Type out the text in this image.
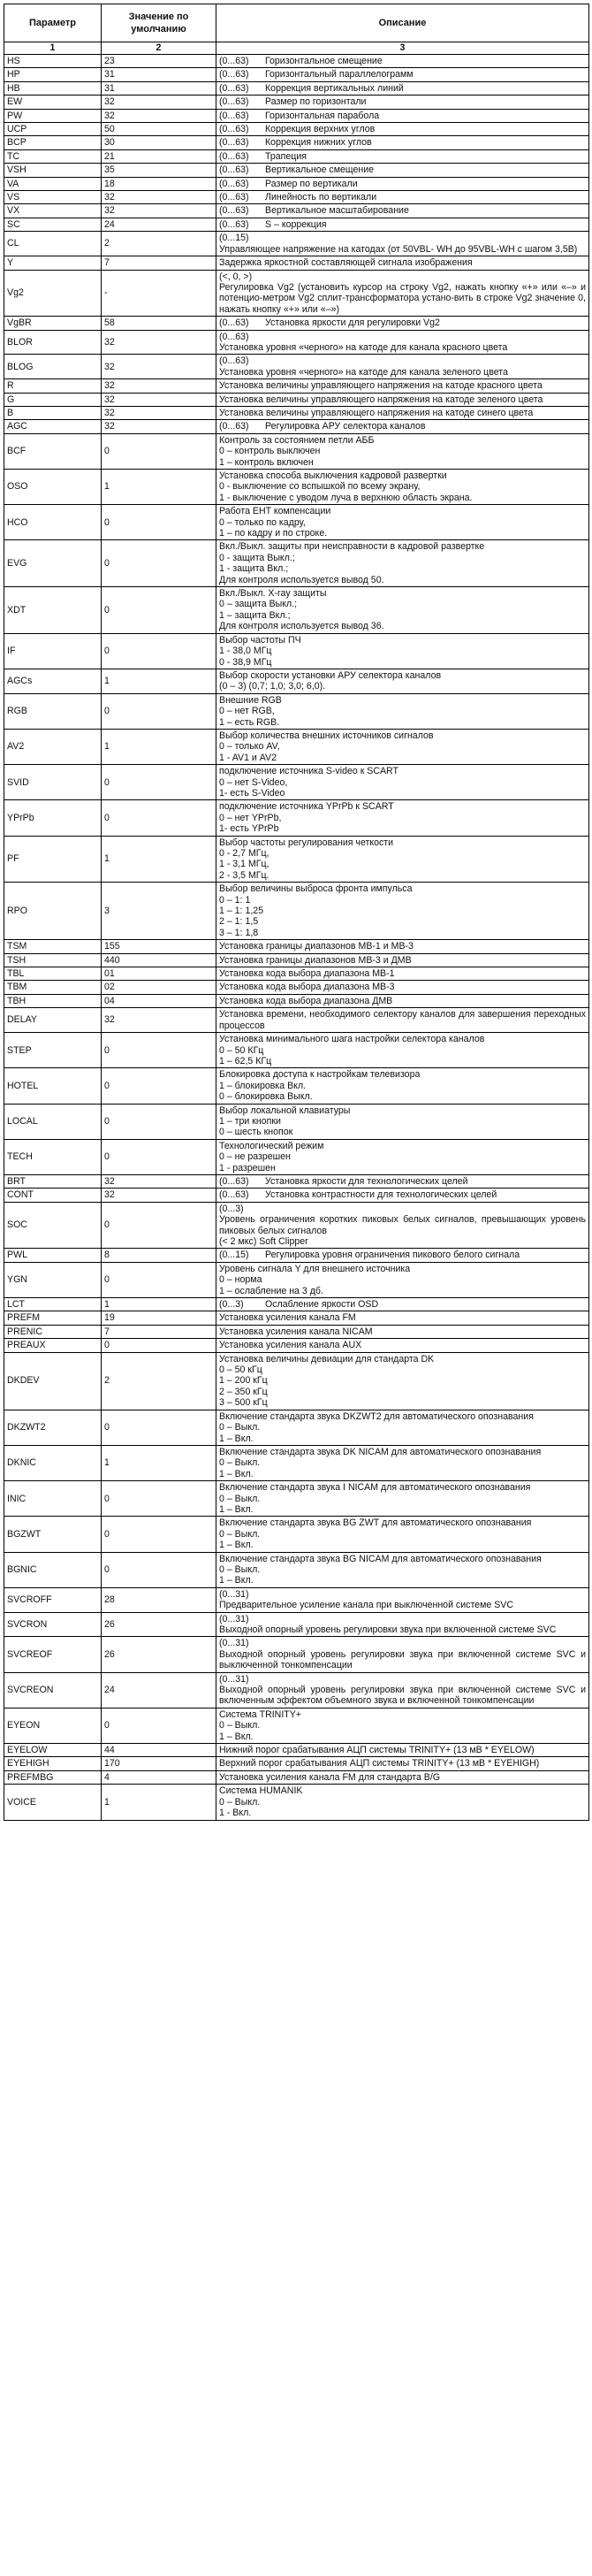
Параметр	Значение по умолчанию	Описание
1	2	3
HS	23	(0...63) Горизонтальное смещение
HP	31	(0...63) Горизонтальный параллелограмм
HB	31	(0...63) Коррекция вертикальных линий
EW	32	(0...63) Размер по горизонтали
PW	32	(0...63) Горизонтальная парабола
UCP	50	(0...63) Коррекция верхних углов
BCP	30	(0...63) Коррекция нижних углов
TC	21	(0...63) Трапеция
VSH	35	(0...63) Вертикальное смещение
VA	18	(0...63) Размер по вертикали
VS	32	(0...63) Линейность по вертикали
VX	32	(0...63) Вертикальное масштабирование
SC	24	(0...63) S – коррекция
CL	2	(0...15)
Управляющее напряжение на катодах (от 50VBL- WH до 95VBL-WH с шагом 3,5В)

Y	7	Задержка яркостной составляющей сигнала изображения

Vg2	-	(<, 0, >)
Регулировка Vg2 (установить курсор на строку Vg2, нажать кнопку «+» или «–» и потенцио-метром Vg2 сплит-трансформатора устано-вить в строке Vg2 значение 0, нажать кнопку «+» или «–»)

VgBR	58	(0...63) Установка яркости для регулировки Vg2
BLOR	32	(0...63)
Установка уровня «черного» на катоде для канала красного цвета

BLOG	32	(0...63)
Установка уровня «черного» на катоде для канала зеленого цвета

R	32	Установка величины управляющего напряжения на катоде красного цвета

G	32	Установка величины управляющего напряжения на катоде зеленого цвета

B	32	Установка величины управляющего напряжения на катоде синего цвета

AGC	32	(0...63) Регулировка АРУ селектора каналов
BCF	0	Контроль за состоянием петли АББ
0 – контроль выключен
1 – контроль включен

OSO	1	Установка способа выключения кадровой развертки
0 - выключение со вспышкой по всему экрану,
1 - выключение с уводом луча в верхнюю область экрана.

HCO	0	Работа EHT компенсации
0 – только по кадру,
1 – по кадру и по строке.

EVG	0	Вкл./Выкл. защиты при неисправности в кадровой развертке
0 - защита Выкл.;
1 - защита Вкл.;
Для контроля используется вывод 50.

XDT	0	Вкл./Выкл. X-ray защиты
0 – защита Выкл.;
1 – защита Вкл.;
Для контроля используется вывод 36.

IF	0	Выбор частоты ПЧ
1 - 38,0 МГц
0 - 38,9 МГц

AGCs	1	Выбор скорости установки АРУ селектора каналов
(0 – 3) (0,7; 1,0; 3,0; 6,0).

RGB	0	Внешние RGB
0 – нет RGB,
1 – есть RGB.

AV2	1	Выбор количества внешних источников сигналов
0 – только AV,
1 - AV1 и AV2

SVID	0	подключение источника S-video к SCART
0 – нет S-Video,
1- есть S-Video

YPrPb	0	подключение источника YPrPb к SCART
0 – нет YPrPb,
1- есть YPrPb

PF	1	Выбор частоты регулирования четкости
0 - 2,7 МГц,
1 - 3,1 МГц,
2 - 3,5 МГц.

RPO	3	Выбор величины выброса фронта импульса
0 – 1: 1
1 – 1: 1,25
2 – 1: 1,5
3 – 1: 1,8

TSM	155	Установка границы диапазонов МВ-1 и МВ-3

TSH	440	Установка границы диапазонов МВ-3 и ДМВ

TBL	01	Установка кода выбора диапазона МВ-1

TBM	02	Установка кода выбора диапазона МВ-3

TBH	04	Установка кода выбора диапазона ДМВ

DELAY	32	Установка времени, необходимого селектору каналов для завершения переходных процессов

STEP	0	Установка минимального шага настройки селектора каналов
0 – 50 КГц
1 – 62,5 КГц

HOTEL	0	Блокировка доступа к настройкам телевизора
1 – блокировка Вкл.
0 – блокировка Выкл.

LOCAL	0	Выбор локальной клавиатуры
1 – три кнопки
0 – шесть кнопок

TECH	0	Технологический режим
0 – не разрешен
1 - разрешен

BRT	32	(0...63) Установка яркости для технологических целей
CONT	32	(0...63) Установка контрастности для технологических целей
SOC	0	(0...3)
Уровень ограничения коротких пиковых белых сигналов, превышающих уровень пиковых белых сигналов
(< 2 мкс) Soft Clipper

PWL	8	(0...15) Регулировка уровня ограничения пикового белого сигнала
YGN	0	Уровень сигнала Y для внешнего источника
0 – норма
1 – ослабление на 3 дб.

LCT	1	(0...3) Ослабление яркости OSD
PREFM	19	Установка усиления канала FM

PRENIC	7	Установка усиления канала NICAM

PREAUX	0	Установка усиления канала AUX

DKDEV	2	Установка величины девиации для стандарта DK
0 – 50 кГц
1 – 200 кГц
2 – 350 кГц
3 – 500 кГц

DKZWT2	0	Включение стандарта звука DKZWT2 для автоматического опознавания
0 – Выкл.
1 – Вкл.

DKNIC	1	Включение стандарта звука DK NICAM для автоматического опознавания
0 – Выкл.
1 – Вкл.

INIC	0	Включение стандарта звука I NICAM для автоматического опознавания
0 – Выкл.
1 – Вкл.

BGZWT	0	Включение стандарта звука BG ZWT для автоматического опознавания
0 – Выкл.
1 – Вкл.

BGNIC	0	Включение стандарта звука BG NICAM для автоматического опознавания
0 – Выкл.
1 – Вкл.

SVCROFF	28	(0...31)
Предварительное усиление канала при выключенной системе SVC

SVCRON	26	(0...31)
Выходной опорный уровень регулировки звука при включенной системе SVC

SVCREOF	26	(0...31)
Выходной опорный уровень регулировки звука при включенной системе SVC и выключенной тонкомпенсации

SVCREON	24	(0...31)
Выходной опорный уровень регулировки звука при включенной системе SVC и включенным эффектом объемного звука и включенной тонкомпенсации

EYEON	0	Система TRINITY+
0 – Выкл.
1 – Вкл.

EYELOW	44	Нижний порог срабатывания АЦП системы TRINITY+ (13 мВ * EYELOW)

EYEHIGH	170	Верхний порог срабатывания АЦП системы TRINITY+ (13 мВ * EYEHIGH)

PREFMBG	4	Установка усиления канала FM для стандарта B/G

VOICE	1	Система HUMANIK
0 – Выкл.
1 - Вкл.
